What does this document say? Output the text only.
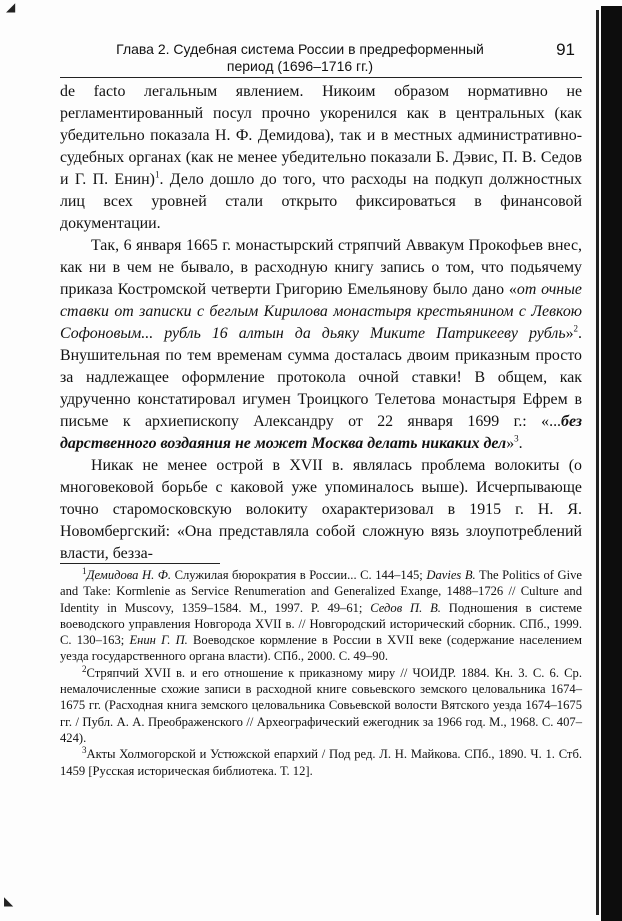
◢
◣
Глава 2. Судебная система России в предреформенный
период (1696–1716 гг.)
91

de facto легальным явлением. Никоим образом нормативно не регламентированный посул прочно укоренился как в центральных (как убедительно показала Н. Ф. Демидова), так и в местных административно-судебных органах (как не менее убедительно показали Б. Дэвис, П. В. Седов и Г. П. Енин)$^1$. Дело дошло до того, что расходы на подкуп должностных лиц всех уровней стали открыто фиксироваться в финансовой документации.

Так, 6 января 1665 г. монастырский стряпчий Аввакум Прокофьев внес, как ни в чем не бывало, в расходную книгу запись о том, что подьячему приказа Костромской четверти Григорию Емельянову было дано «от очные ставки от записки с беглым Кирилова монастыря крестьянином с Левкою Софоновым... рубль 16 алтын да дьяку Миките Патрикееву рубль»$^2$. Внушительная по тем временам сумма досталась двоим приказным просто за надлежащее оформление протокола очной ставки! В общем, как удрученно констатировал игумен Троицкого Телетова монастыря Ефрем в письме к архиепископу Александру от 22 января 1699 г.: «...без дарственного воздаяния не может Москва делать никаких дел»$^3$.

Никак не менее острой в XVII в. являлась проблема волокиты (о многовековой борьбе с каковой уже упоминалось выше). Исчерпывающе точно старомосковскую волокиту охарактеризовал в 1915 г. Н. Я. Новомбергский: «Она представляла собой сложную вязь злоупотреблений власти, безза-

$^1$Демидова Н. Ф. Служилая бюрократия в России... С. 144–145; Davies B. The Politics of Give and Take: Kormlenie as Service Renumeration and Generalized Exange, 1488–1726 // Culture and Identity in Muscovy, 1359–1584. M., 1997. P. 49–61; Седов П. В. Подношения в системе воеводского управления Новгорода XVII в. // Новгородский исторический сборник. СПб., 1999. С. 130–163; Енин Г. П. Воеводское кормление в России в XVII веке (содержание населением уезда государственного органа власти). СПб., 2000. С. 49–90.

$^2$Стряпчий XVII в. и его отношение к приказному миру // ЧОИДР. 1884. Кн. 3. С. 6. Ср. немалочисленные схожие записи в расходной книге совьевского земского целовальника 1674–1675 гг. (Расходная книга земского целовальника Совьевской волости Вятского уезда 1674–1675 гг. / Публ. А. А. Преображенского // Археографический ежегодник за 1966 год. М., 1968. С. 407–424).

$^3$Акты Холмогорской и Устюжской епархий / Под ред. Л. Н. Майкова. СПб., 1890. Ч. 1. Стб. 1459 [Русская историческая библиотека. Т. 12].
